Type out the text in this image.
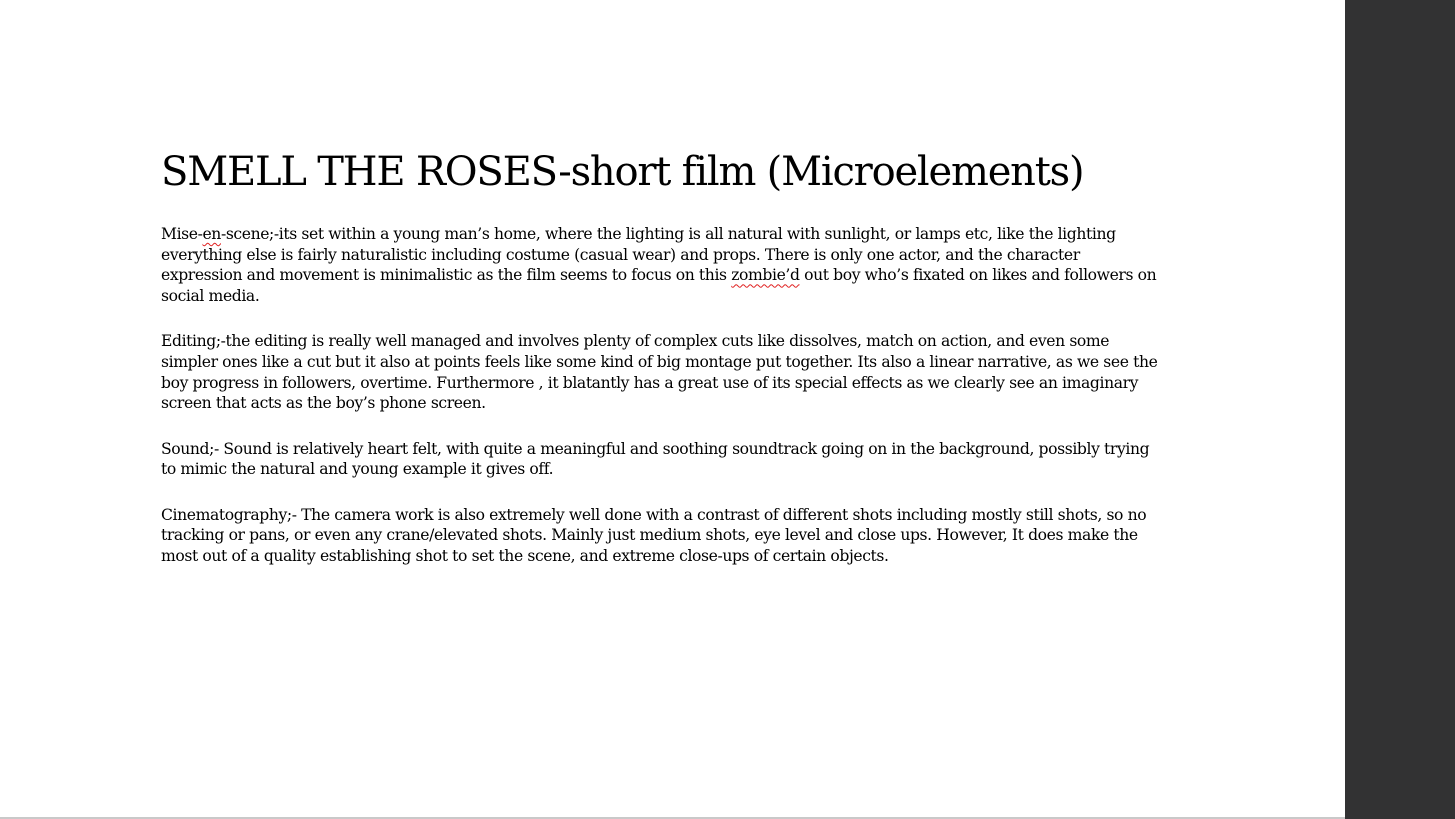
SMELL THE ROSES-short film (Microelements)

Mise-en-scene;-its set within a young man’s home, where the lighting is all natural with sunlight, or lamps etc, like the lighting everything else is fairly naturalistic including costume (casual wear) and props. There is only one actor, and the character expression and movement is minimalistic as the film seems to focus on this zombie’d out boy who’s fixated on likes and followers on social media.

Editing;-the editing is really well managed and involves plenty of complex cuts like dissolves, match on action, and even some simpler ones like a cut but it also at points feels like some kind of big montage put together. Its also a linear narrative, as we see the boy progress in followers, overtime. Furthermore , it blatantly has a great use of its special effects as we clearly see an imaginary screen that acts as the boy’s phone screen.

Sound;- Sound is relatively heart felt, with quite a meaningful and soothing soundtrack going on in the background, possibly trying to mimic the natural and young example it gives off.

Cinematography;- The camera work is also extremely well done with a contrast of different shots including mostly still shots, so no tracking or pans, or even any crane/elevated shots. Mainly just medium shots, eye level and close ups. However, It does make the most out of a quality establishing shot to set the scene, and extreme close-ups of certain objects.
